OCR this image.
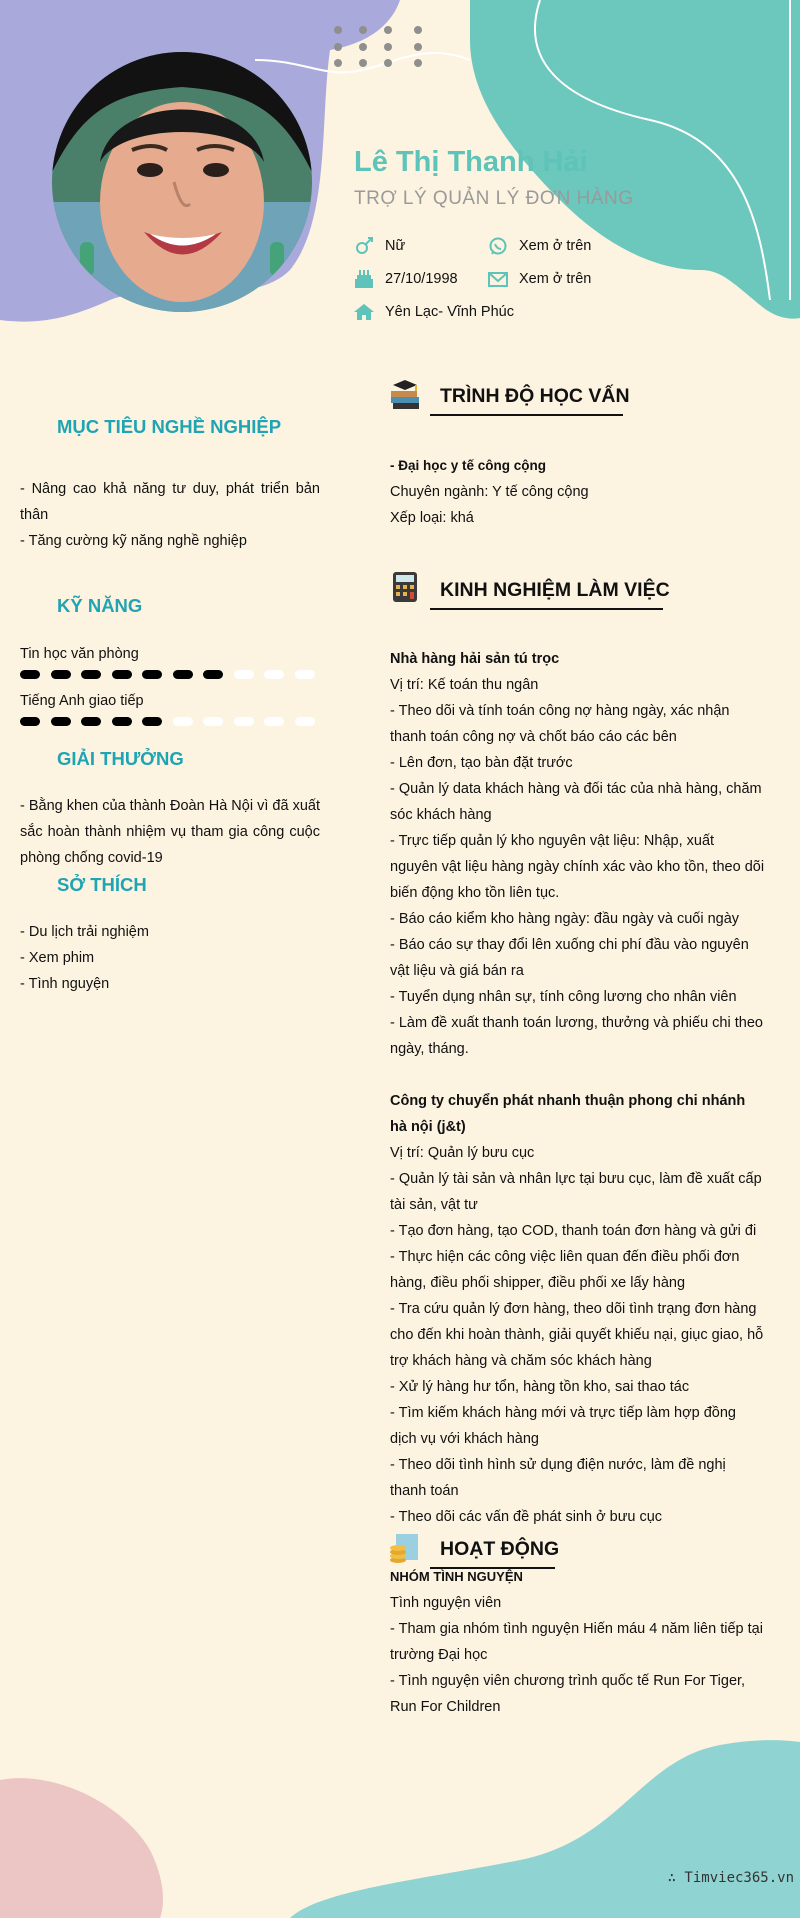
Lê Thị Thanh Hải
TRỢ LÝ QUẢN LÝ ĐƠN HÀNG
Nữ	Xem ở trên
27/10/1998	Xem ở trên
Yên Lạc- Vĩnh Phúc
MỤC TIÊU NGHỀ NGHIỆP

- Nâng cao khả năng tư duy, phát triển bản thân

- Tăng cường kỹ năng nghề nghiệp

KỸ NĂNG
Tin học văn phòng
Tiếng Anh giao tiếp
GIẢI THƯỞNG

- Bằng khen của thành Đoàn Hà Nội vì đã xuất sắc hoàn thành nhiệm vụ tham gia công cuộc phòng chống covid-19

SỞ THÍCH
- Du lịch trải nghiệm
- Xem phim
- Tình nguyện
TRÌNH ĐỘ HỌC VẤN

- Đại học y tế công cộng

Chuyên ngành: Y tế công cộng

Xếp loại: khá

KINH NGHIỆM LÀM VIỆC

Nhà hàng hải sản tú trọc

Vị trí: Kế toán thu ngân

- Theo dõi và tính toán công nợ hàng ngày, xác nhận thanh toán công nợ và chốt báo cáo các bên

- Lên đơn, tạo bàn đặt trước

- Quản lý data khách hàng và đối tác của nhà hàng, chăm sóc khách hàng

- Trực tiếp quản lý kho nguyên vật liệu: Nhập, xuất nguyên vật liệu hàng ngày chính xác vào kho tồn, theo dõi biến động kho tồn liên tục.

- Báo cáo kiểm kho hàng ngày: đầu ngày và cuối ngày

- Báo cáo sự thay đổi lên xuống chi phí đầu vào nguyên vật liệu và giá bán ra

- Tuyển dụng nhân sự, tính công lương cho nhân viên

- Làm đề xuất thanh toán lương, thưởng và phiếu chi theo ngày, tháng.

Công ty chuyển phát nhanh thuận phong chi nhánh hà nội (j&t)

Vị trí: Quản lý bưu cục

- Quản lý tài sản và nhân lực tại bưu cục, làm đề xuất cấp tài sản, vật tư

- Tạo đơn hàng, tạo COD, thanh toán đơn hàng và gửi đi

- Thực hiện các công việc liên quan đến điều phối đơn hàng, điều phối shipper, điều phối xe lấy hàng

- Tra cứu quản lý đơn hàng, theo dõi tình trạng đơn hàng cho đến khi hoàn thành, giải quyết khiếu nại, giục giao, hỗ trợ khách hàng và chăm sóc khách hàng

- Xử lý hàng hư tổn, hàng tồn kho, sai thao tác

- Tìm kiếm khách hàng mới và trực tiếp làm hợp đồng dịch vụ với khách hàng

- Theo dõi tình hình sử dụng điện nước, làm đề nghị thanh toán

- Theo dõi các vấn đề phát sinh ở bưu cục

HOẠT ĐỘNG

NHÓM TÌNH NGUYỆN

Tình nguyện viên

- Tham gia nhóm tình nguyện Hiến máu 4 năm liên tiếp tại trường Đại học

- Tình nguyện viên chương trình quốc tế Run For Tiger, Run For Children

∴ Timviec365.vn
